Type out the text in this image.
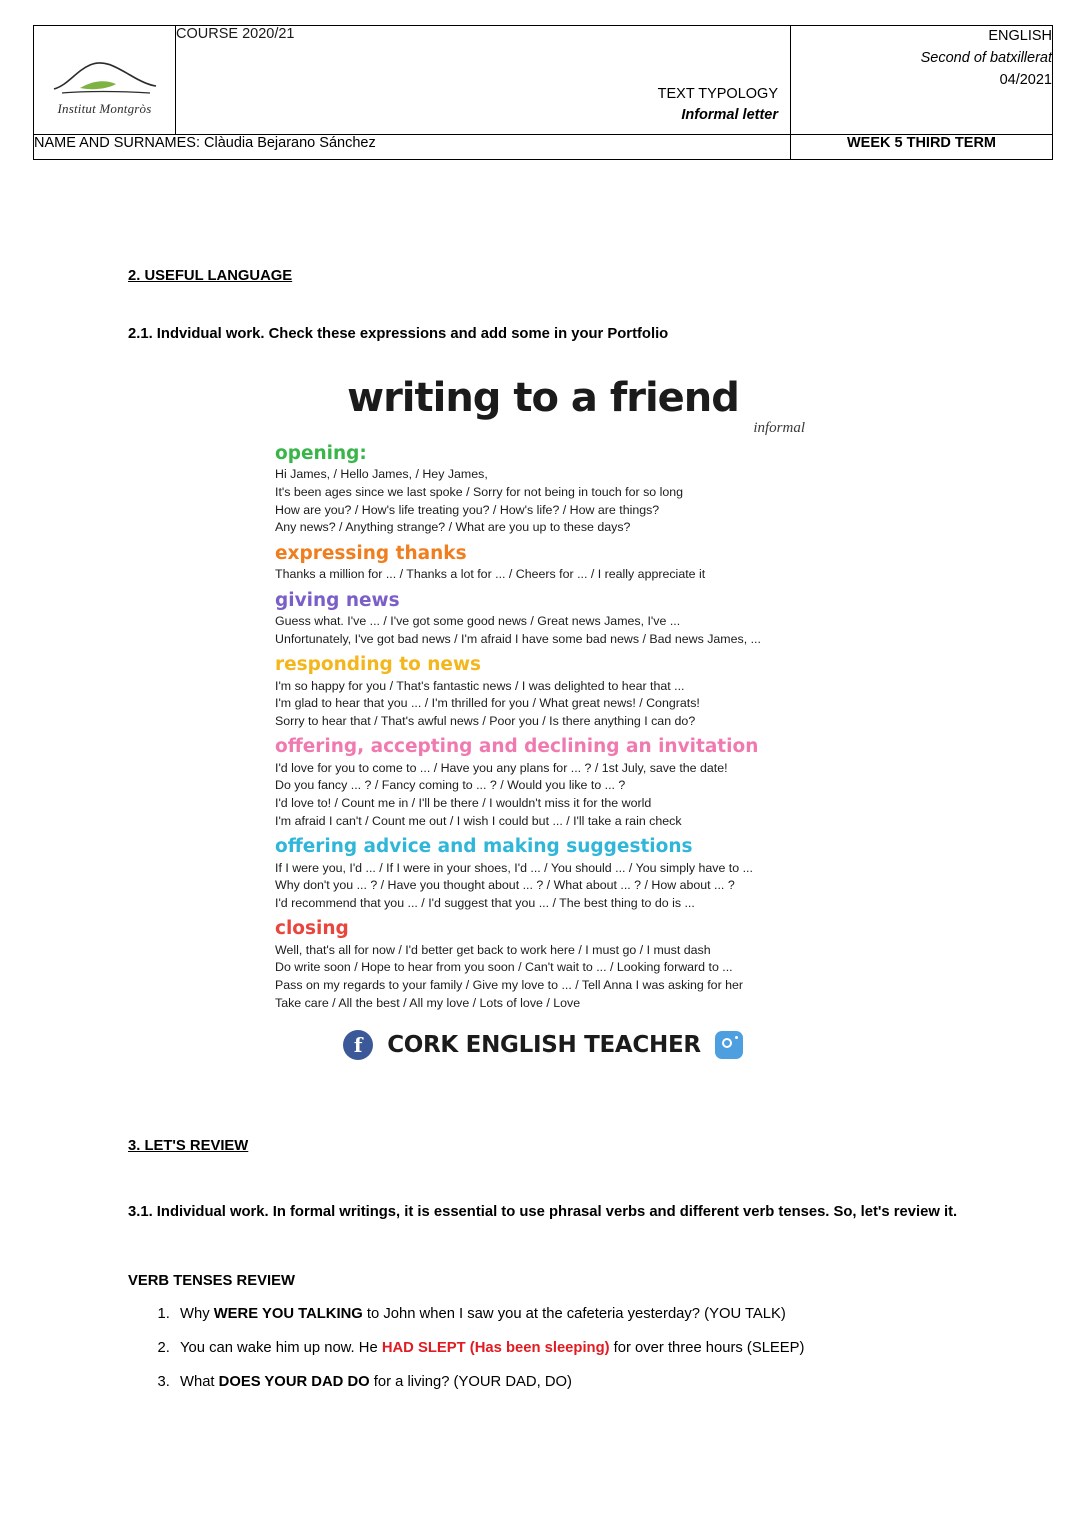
Institut Montgròs

COURSE 2020/21
TEXT TYPOLOGY
Informal letter

ENGLISH
Second of batxillerat
04/2021

NAME AND SURNAMES: Clàudia Bejarano Sánchez		WEEK 5 THIRD TERM
2. USEFUL LANGUAGE
2.1. Indvidual work. Check these expressions and add some in your Portfolio
writing to a friend
informal
opening:
Hi James, / Hello James, / Hey James,
It's been ages since we last spoke / Sorry for not being in touch for so long
How are you? / How's life treating you? / How's life? / How are things?
Any news? / Anything strange? / What are you up to these days?
expressing thanks
Thanks a million for ... / Thanks a lot for ... / Cheers for ... / I really appreciate it
giving news
Guess what. I've ... / I've got some good news / Great news James, I've ...
Unfortunately, I've got bad news / I'm afraid I have some bad news / Bad news James, ...
responding to news
I'm so happy for you / That's fantastic news / I was delighted to hear that ...
I'm glad to hear that you ... / I'm thrilled for you / What great news! / Congrats!
Sorry to hear that / That's awful news / Poor you / Is there anything I can do?
offering, accepting and declining an invitation
I'd love for you to come to ... / Have you any plans for ... ? / 1st July, save the date!
Do you fancy ... ? / Fancy coming to ... ? / Would you like to ... ?
I'd love to! / Count me in / I'll be there / I wouldn't miss it for the world
I'm afraid I can't / Count me out / I wish I could but ... / I'll take a rain check
offering advice and making suggestions
If I were you, I'd ... / If I were in your shoes, I'd ... / You should ... / You simply have to ...
Why don't you ... ? / Have you thought about ... ? / What about ... ? / How about ... ?
I'd recommend that you ... / I'd suggest that you ... / The best thing to do is ...
closing
Well, that's all for now / I'd better get back to work here / I must go / I must dash
Do write soon / Hope to hear from you soon / Can't wait to ... / Looking forward to ...
Pass on my regards to your family / Give my love to ... / Tell Anna I was asking for her
Take care / All the best / All my love / Lots of love / Love
f	CORK ENGLISH TEACHER
3. LET'S REVIEW
3.1. Individual work. In formal writings, it is essential to use phrasal verbs and different verb tenses. So, let's review it.
VERB TENSES REVIEW
1. Why WERE YOU TALKING to John when I saw you at the cafeteria yesterday? (YOU TALK)
2. You can wake him up now. He HAD SLEPT (Has been sleeping) for over three hours (SLEEP)
3. What DOES YOUR DAD DO for a living? (YOUR DAD, DO)
